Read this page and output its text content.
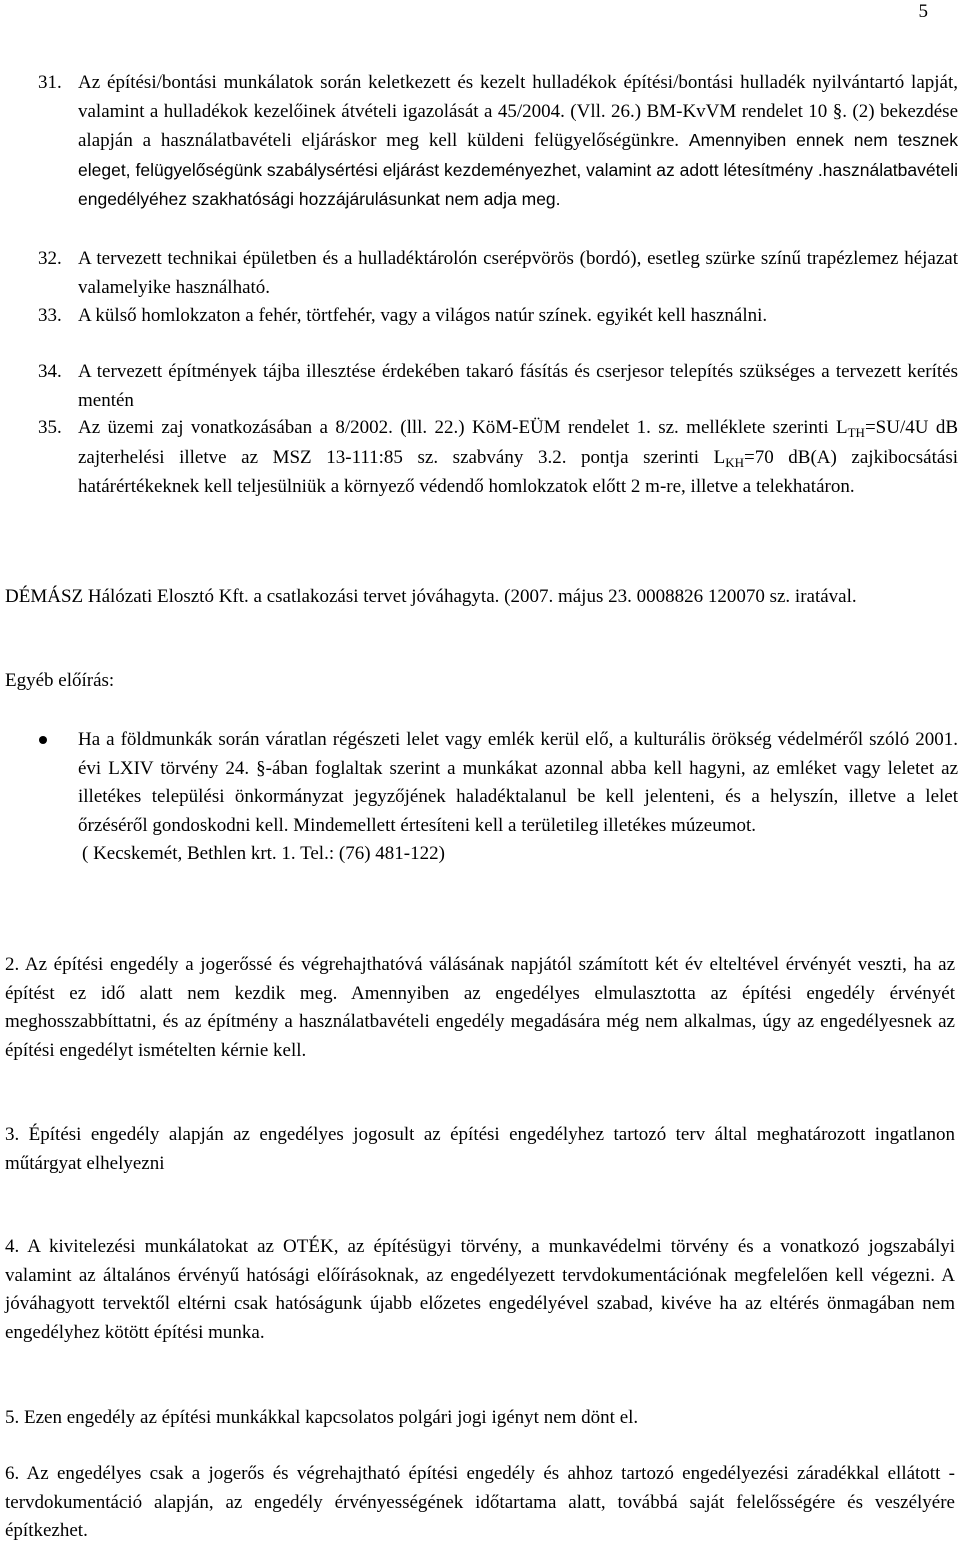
5
31. Az építési/bontási munkálatok során keletkezett és kezelt hulladékok építési/bontási hulladék nyilvántartó lapját, valamint a hulladékok kezelőinek átvételi igazolását a 45/2004. (Vll. 26.) BM-KvVM rendelet 10 §. (2) bekezdése alapján a használatbavételi eljáráskor meg kell küldeni felügyelőségünkre. Amennyiben ennek nem tesznek eleget, felügyelőségünk szabálysértési eljárást kezdeményezhet, valamint az adott létesítmény .használatbavételi engedélyéhez szakhatósági hozzájárulásunkat nem adja meg.

32. A tervezett technikai épületben és a hulladéktárolón cserépvörös (bordó), esetleg szürke színű trapézlemez héjazat valamelyike használható.

33. A külső homlokzaton a fehér, törtfehér, vagy a világos natúr színek. egyikét kell használni.

34. A tervezett építmények tájba illesztése érdekében takaró fásítás és cserjesor telepítés szükséges a tervezett kerítés mentén

35. Az üzemi zaj vonatkozásában a 8/2002. (lll. 22.) KöM-EÜM rendelet 1. sz. melléklete szerinti $L_{TH}=SU/4U$ dB zajterhelési illetve az MSZ 13-111:85 sz. szabvány 3.2. pontja szerinti $L_{KH}=70$ dB(A) zajkibocsátási határértékeknek kell teljesülniük a környező védendő homlokzatok előtt 2 m-re, illetve a telekhatáron.

DÉMÁSZ Hálózati Elosztó Kft. a csatlakozási tervet jóváhagyta. (2007. május 23. 0008826 120070 sz. iratával.

Egyéb előírás:

Ha a földmunkák során váratlan régészeti lelet vagy emlék kerül elő, a kulturális örökség védelméről szóló 2001. évi LXIV törvény 24. §-ában foglaltak szerint a munkákat azonnal abba kell hagyni, az emléket vagy leletet az illetékes települési önkormányzat jegyzőjének haladéktalanul be kell jelenteni, és a helyszín, illetve a lelet őrzéséről gondoskodni kell. Mindemellett értesíteni kell a területileg illetékes múzeumot.

( Kecskemét, Bethlen krt. 1. Tel.: (76) 481-122)

2. Az építési engedély a jogerőssé és végrehajthatóvá válásának napjától számított két év elteltével érvényét veszti, ha az építést ez idő alatt nem kezdik meg. Amennyiben az engedélyes elmulasztotta az építési engedély érvényét meghosszabbíttatni, és az építmény a használatbavételi engedély megadására még nem alkalmas, úgy az engedélyesnek az építési engedélyt ismételten kérnie kell.

3. Építési engedély alapján az engedélyes jogosult az építési engedélyhez tartozó terv által meghatározott ingatlanon műtárgyat elhelyezni

4. A kivitelezési munkálatokat az OTÉK, az építésügyi törvény, a munkavédelmi törvény és a vonatkozó jogszabályi valamint az általános érvényű hatósági előírásoknak, az engedélyezett tervdokumentációnak megfelelően kell végezni. A jóváhagyott tervektől eltérni csak hatóságunk újabb előzetes engedélyével szabad, kivéve ha az eltérés önmagában nem engedélyhez kötött építési munka.

5. Ezen engedély az építési munkákkal kapcsolatos polgári jogi igényt nem dönt el.

6. Az engedélyes csak a jogerős és végrehajtható építési engedély és ahhoz tartozó engedélyezési záradékkal ellátott - tervdokumentáció alapján, az engedély érvényességének időtartama alatt, továbbá saját felelősségére és veszélyére építkezhet.
